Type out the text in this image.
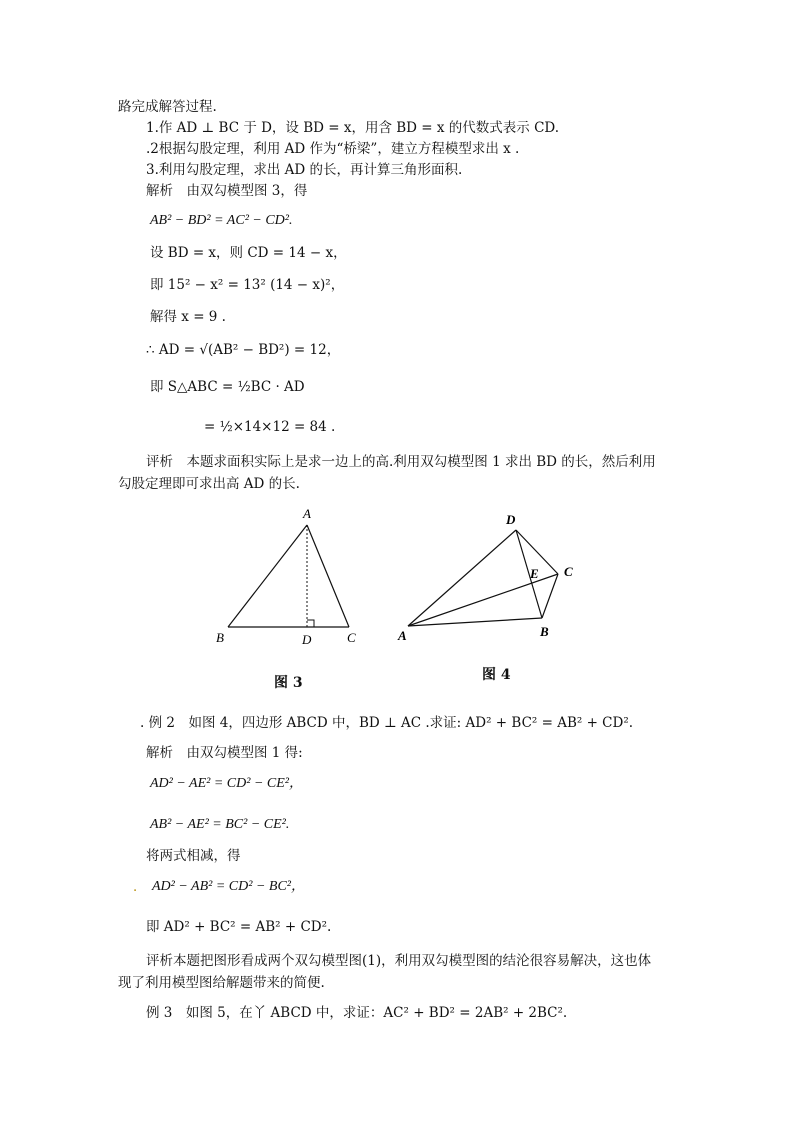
路完成解答过程.
1.作 AD ⊥ BC 于 D，设 BD = x，用含 BD = x 的代数式表示 CD.
.2根据勾股定理，利用 AD 作为“桥梁”，建立方程模型求出 x .
3.利用勾股定理，求出 AD 的长，再计算三角形面积.
解析　由双勾模型图 3，得
AB² − BD² = AC² − CD².
设 BD = x，则 CD = 14 − x，
即 15² − x² = 13² (14 − x)²，
解得 x = 9 .
∴ AD = √(AB² − BD²) = 12，
即 S△ABC = ½BC · AD
= ½×14×12 = 84 .
评析　本题求面积实际上是求一边上的高.利用双勾模型图 1 求出 BD 的长，然后利用
勾股定理即可求出高 AD 的长.
A
B	D	C
图 3
D
C
E
B
A
图 4
. 例 2　如图 4，四边形 ABCD 中，BD ⊥ AC .求证: AD² + BC² = AB² + CD².
解析　由双勾模型图 1 得:
AD² − AE² = CD² − CE²，
AB² − AE² = BC² − CE².
将两式相减，得
. AD² − AB² = CD² − BC²，
即 AD² + BC² = AB² + CD².
评析本题把图形看成两个双勾模型图(1)，利用双勾模型图的结沦很容易解决，这也体
现了利用模型图给解题带来的简便.
例 3　如图 5，在丫 ABCD 中，求证：AC² + BD² = 2AB² + 2BC².
